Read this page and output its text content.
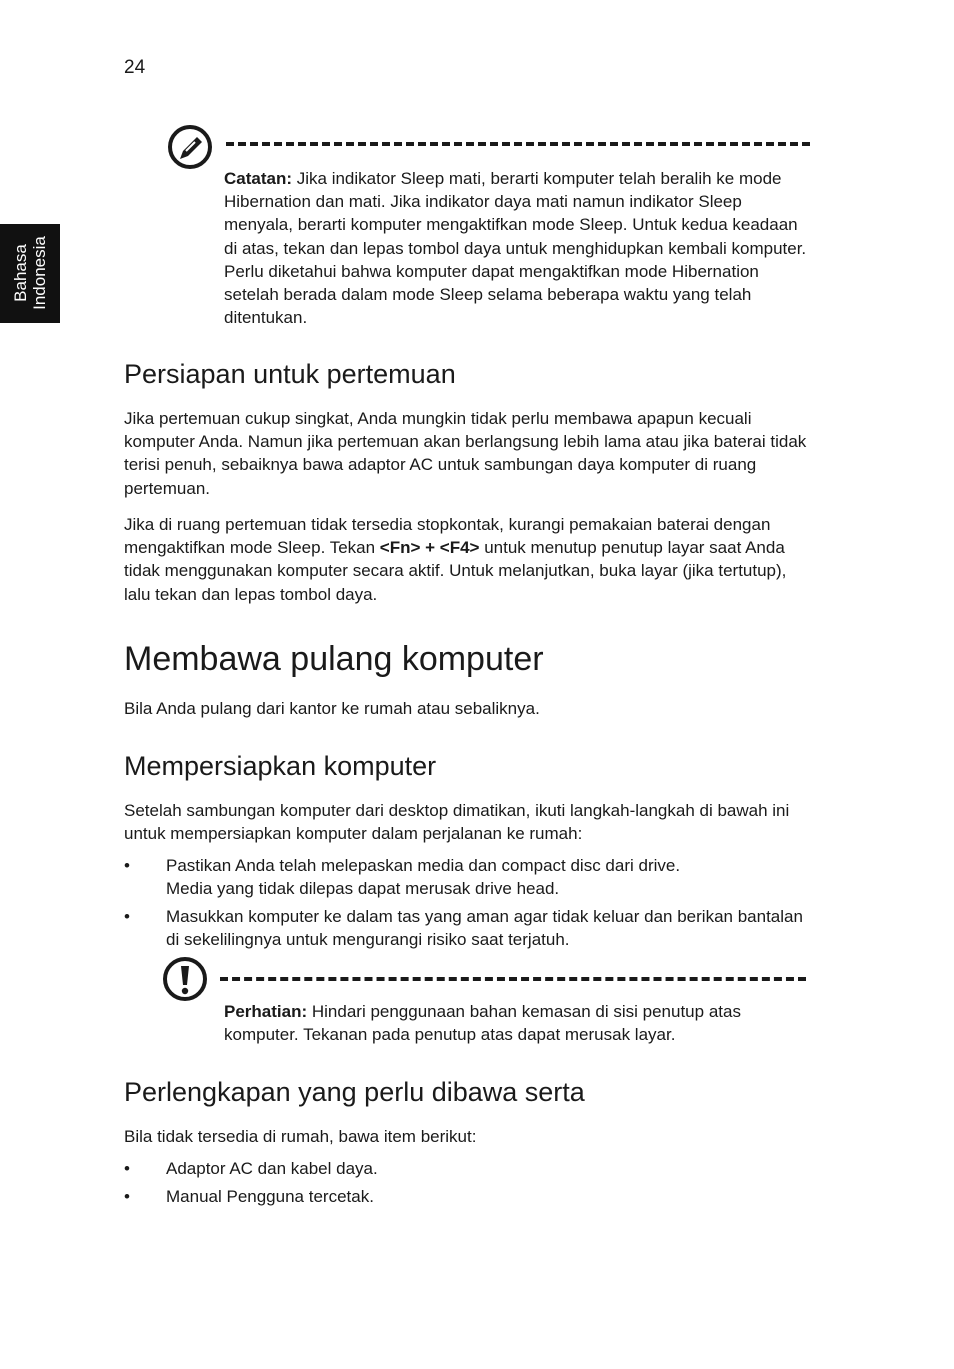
24
Bahasa Indonesia

Catatan: Jika indikator Sleep mati, berarti komputer telah beralih ke mode Hibernation dan mati. Jika indikator daya mati namun indikator Sleep menyala, berarti komputer mengaktifkan mode Sleep. Untuk kedua keadaan di atas, tekan dan lepas tombol daya untuk menghidupkan kembali komputer. Perlu diketahui bahwa komputer dapat mengaktifkan mode Hibernation setelah berada dalam mode Sleep selama beberapa waktu yang telah ditentukan.

Persiapan untuk pertemuan

Jika pertemuan cukup singkat, Anda mungkin tidak perlu membawa apapun kecuali komputer Anda. Namun jika pertemuan akan berlangsung lebih lama atau jika baterai tidak terisi penuh, sebaiknya bawa adaptor AC untuk sambungan daya komputer di ruang pertemuan.

Jika di ruang pertemuan tidak tersedia stopkontak, kurangi pemakaian baterai dengan mengaktifkan mode Sleep. Tekan <Fn> + <F4> untuk menutup penutup layar saat Anda tidak menggunakan komputer secara aktif. Untuk melanjutkan, buka layar (jika tertutup), lalu tekan dan lepas tombol daya.

Membawa pulang komputer

Bila Anda pulang dari kantor ke rumah atau sebaliknya.

Mempersiapkan komputer

Setelah sambungan komputer dari desktop dimatikan, ikuti langkah-langkah di bawah ini untuk mempersiapkan komputer dalam perjalanan ke rumah:

• Pastikan Anda telah melepaskan media dan compact disc dari drive.
Media yang tidak dilepas dapat merusak drive head.
• Masukkan komputer ke dalam tas yang aman agar tidak keluar dan berikan bantalan di sekelilingnya untuk mengurangi risiko saat terjatuh.

Perhatian: Hindari penggunaan bahan kemasan di sisi penutup atas komputer. Tekanan pada penutup atas dapat merusak layar.

Perlengkapan yang perlu dibawa serta

Bila tidak tersedia di rumah, bawa item berikut:

• Adaptor AC dan kabel daya.
• Manual Pengguna tercetak.
